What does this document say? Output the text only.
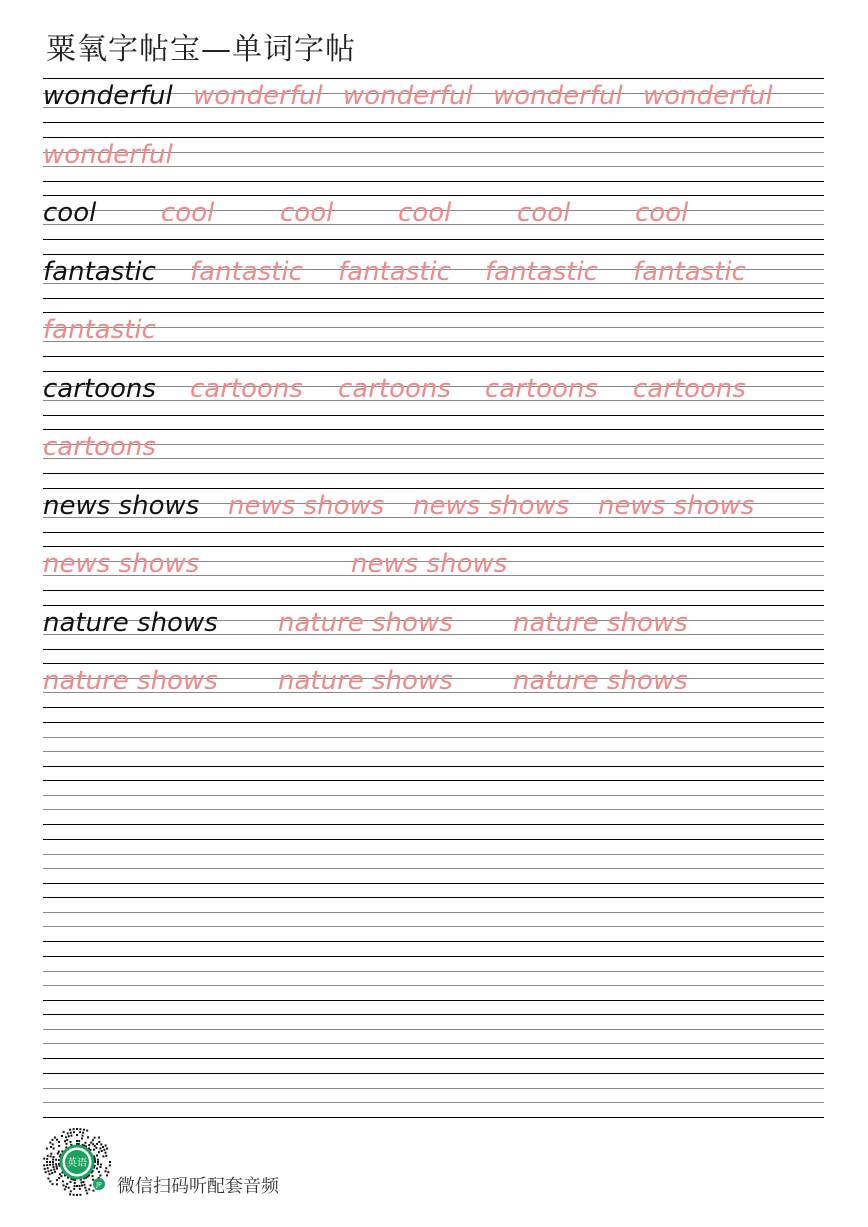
粟氧字帖宝—单词字帖
wonderful wonderful wonderful wonderful wonderful
wonderful
cool cool	cool cool	cool cool
fantastic fantastic fantastic fantastic fantastic
fantastic
cartoons cartoons cartoons cartoons cartoons
cartoons
news shows news shows news shows news shows
news shows	news shows
nature shows nature shows nature shows
nature shows nature shows nature shows
英语
JP 微信扫码听配套音频
